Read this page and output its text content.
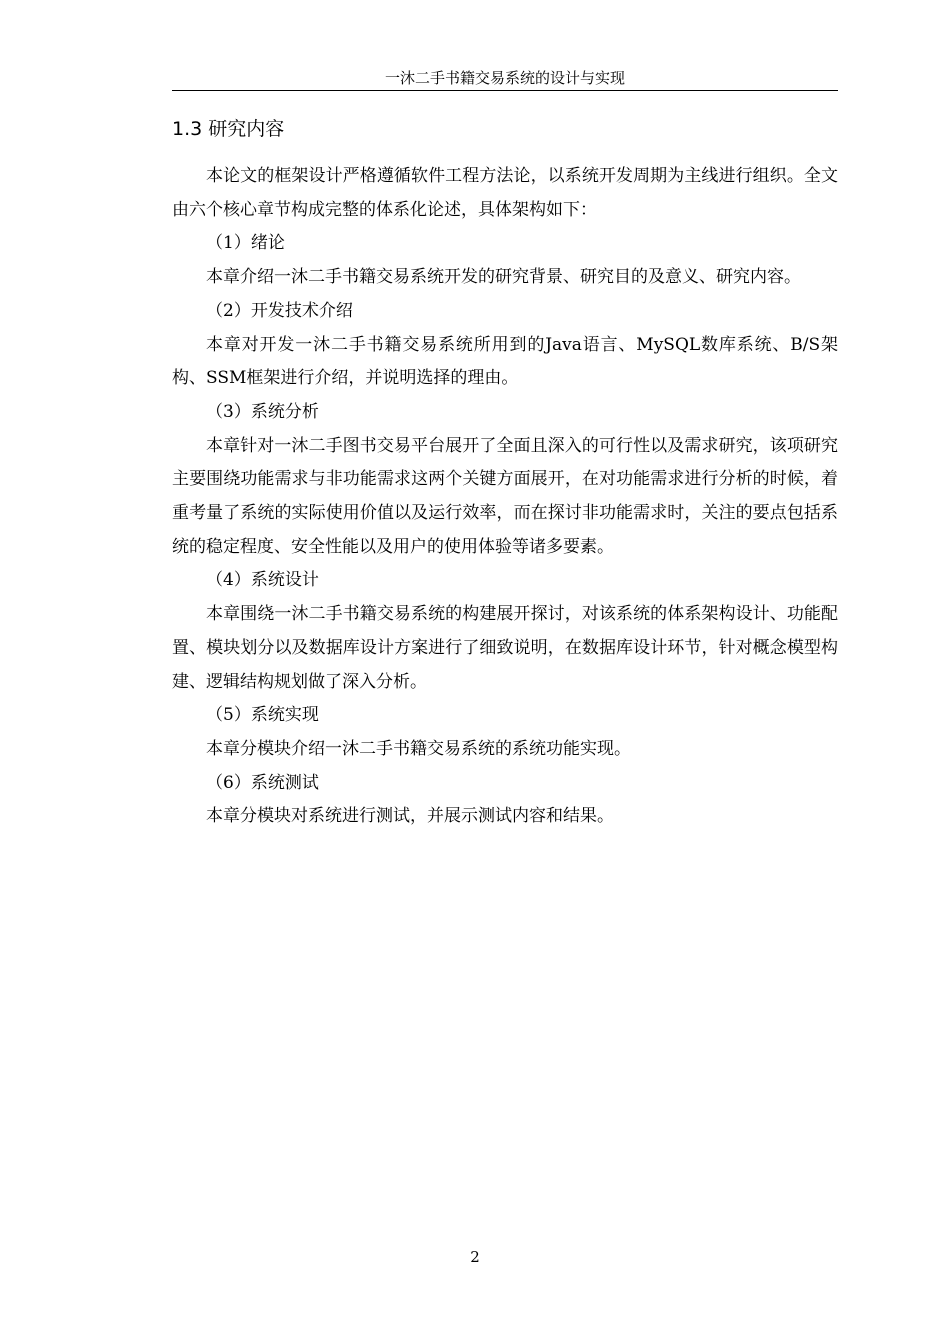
一沐二手书籍交易系统的设计与实现
1.3 研究内容

本论文的框架设计严格遵循软件工程方法论，以系统开发周期为主线进行组织。全文由六个核心章节构成完整的体系化论述，具体架构如下：

（1）绪论

本章介绍一沐二手书籍交易系统开发的研究背景、研究目的及意义、研究内容。

（2）开发技术介绍

本章对开发一沐二手书籍交易系统所用到的Java语言、MySQL数库系统、B/S架构、SSM框架进行介绍，并说明选择的理由。

（3）系统分析

本章针对一沐二手图书交易平台展开了全面且深入的可行性以及需求研究，该项研究主要围绕功能需求与非功能需求这两个关键方面展开，在对功能需求进行分析的时候，着重考量了系统的实际使用价值以及运行效率，而在探讨非功能需求时，关注的要点包括系统的稳定程度、安全性能以及用户的使用体验等诸多要素。

（4）系统设计

本章围绕一沐二手书籍交易系统的构建展开探讨，对该系统的体系架构设计、功能配置、模块划分以及数据库设计方案进行了细致说明，在数据库设计环节，针对概念模型构建、逻辑结构规划做了深入分析。

（5）系统实现

本章分模块介绍一沐二手书籍交易系统的系统功能实现。

（6）系统测试

本章分模块对系统进行测试，并展示测试内容和结果。

2
